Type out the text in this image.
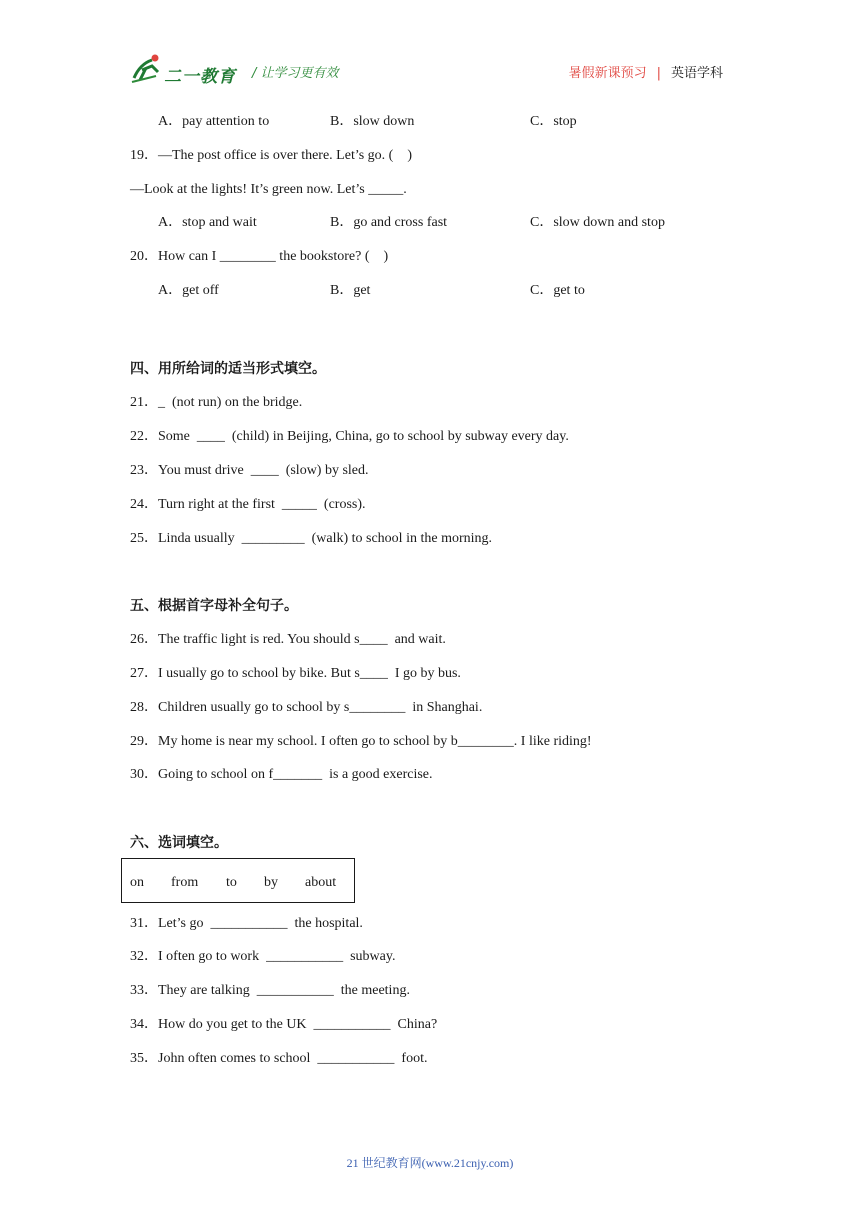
二一教育 / 让学习更有效	暑假新课预习 | 英语学科
A．pay attention to	B．slow down	C．stop
19．—The post office is over there. Let’s go. (    )
—Look at the lights! It’s green now. Let’s _____.
A．stop and wait	B．go and cross fast	C．slow down and stop
20．How can I ________ the bookstore? (    )
A．get off	B．get	C．get to
四、用所给词的适当形式填空。
21．_  (not run) on the bridge.
22．Some  ____  (child) in Beijing, China, go to school by subway every day.
23．You must drive  ____  (slow) by sled.
24．Turn right at the first  _____  (cross).
25．Linda usually  _________  (walk) to school in the morning.
五、根据首字母补全句子。
26．The traffic light is red. You should s____  and wait.
27．I usually go to school by bike. But s____  I go by bus.
28．Children usually go to school by s________  in Shanghai.
29．My home is near my school. I often go to school by b________. I like riding!
30．Going to school on f_______  is a good exercise.
六、选词填空。
on from to by about
31．Let’s go  ___________  the hospital.
32．I often go to work  ___________  subway.
33．They are talking  ___________  the meeting.
34．How do you get to the UK  ___________  China?
35．John often comes to school  ___________  foot.
21 世纪教育网(www.21cnjy.com)
